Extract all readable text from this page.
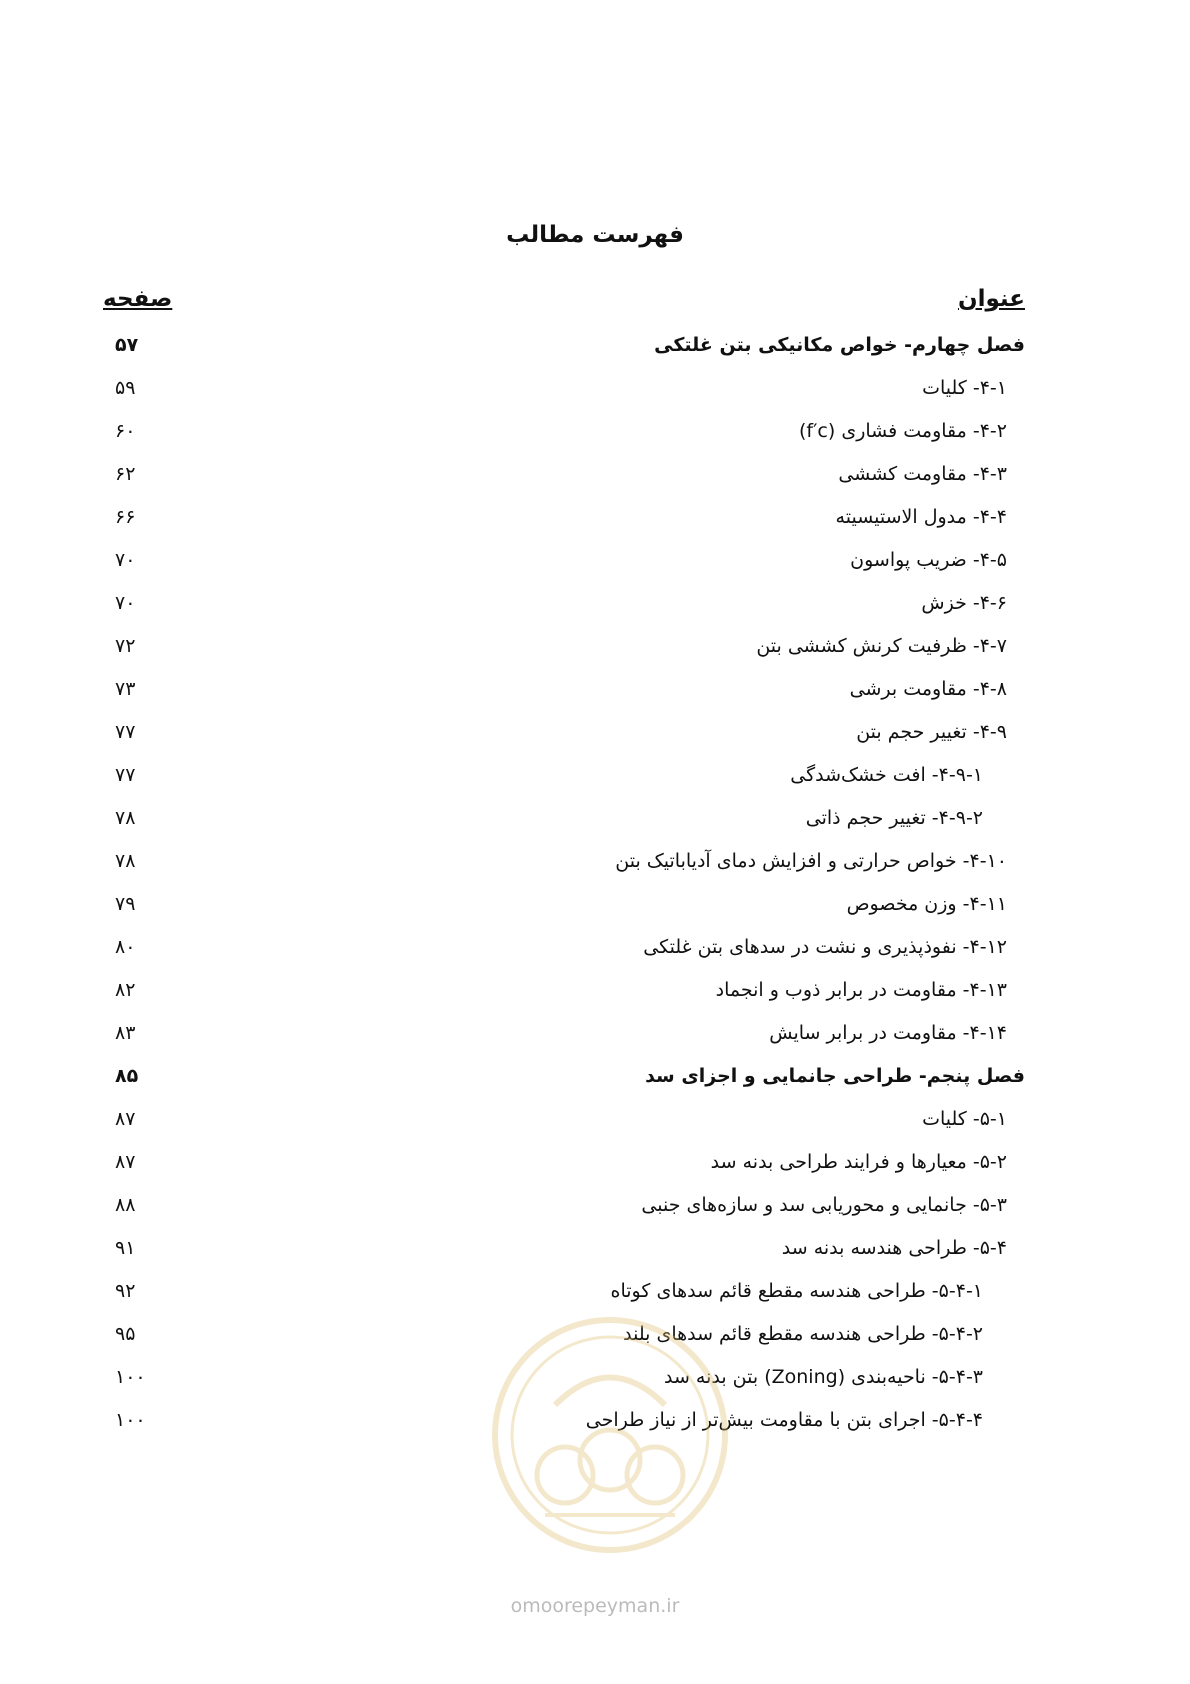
فهرست مطالب
عنوان
صفحه
فصل چهارم- خواص مکانیکی بتن غلتکی
۵۷
۴-۱- کلیات
۵۹
۴-۲- مقاومت فشاری (f′c)
۶۰
۴-۳- مقاومت کششی
۶۲
۴-۴- مدول الاستیسیته
۶۶
۴-۵- ضریب پواسون
۷۰
۴-۶- خزش
۷۰
۴-۷- ظرفیت کرنش کششی بتن
۷۲
۴-۸- مقاومت برشی
۷۳
۴-۹- تغییر حجم بتن
۷۷
۴-۹-۱- افت خشک‌شدگی
۷۷
۴-۹-۲- تغییر حجم ذاتی
۷۸
۴-۱۰- خواص حرارتی و افزایش دمای آدیاباتیک بتن
۷۸
۴-۱۱- وزن مخصوص
۷۹
۴-۱۲- نفوذپذیری و نشت در سدهای بتن غلتکی
۸۰
۴-۱۳- مقاومت در برابر ذوب و انجماد
۸۲
۴-۱۴- مقاومت در برابر سایش
۸۳
فصل پنجم- طراحی جانمایی و اجزای سد
۸۵
۵-۱- کلیات
۸۷
۵-۲- معیارها و فرایند طراحی بدنه سد
۸۷
۵-۳- جانمایی و محوریابی سد و سازه‌های جنبی
۸۸
۵-۴- طراحی هندسه بدنه سد
۹۱
۵-۴-۱- طراحی هندسه مقطع قائم سدهای کوتاه
۹۲
۵-۴-۲- طراحی هندسه مقطع قائم سدهای بلند
۹۵
۵-۴-۳- ناحیه‌بندی (Zoning) بتن بدنه سد
۱۰۰
۵-۴-۴- اجرای بتن با مقاومت بیش‌تر از نیاز طراحی
۱۰۰
omoorepeyman.ir
